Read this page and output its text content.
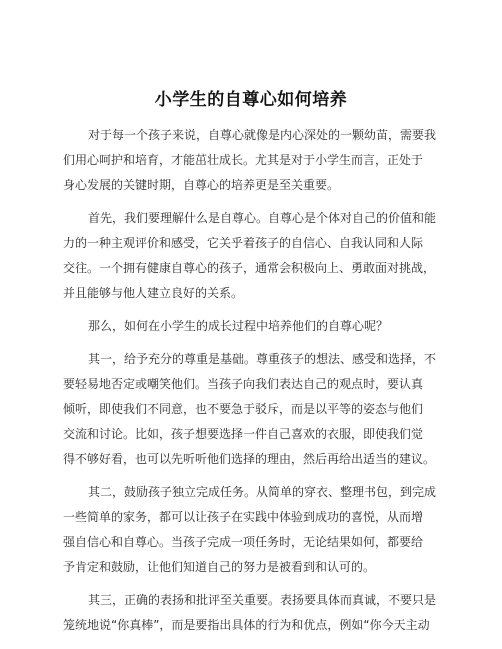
小学生的自尊心如何培养
对于每一个孩子来说，自尊心就像是内心深处的一颗幼苗，需要我
们用心呵护和培育，才能茁壮成长。尤其是对于小学生而言，正处于
身心发展的关键时期，自尊心的培养更是至关重要。
首先，我们要理解什么是自尊心。自尊心是个体对自己的价值和能
力的一种主观评价和感受，它关乎着孩子的自信心、自我认同和人际
交往。一个拥有健康自尊心的孩子，通常会积极向上、勇敢面对挑战，
并且能够与他人建立良好的关系。
那么，如何在小学生的成长过程中培养他们的自尊心呢？
其一，给予充分的尊重是基础。尊重孩子的想法、感受和选择，不
要轻易地否定或嘲笑他们。当孩子向我们表达自己的观点时，要认真
倾听，即使我们不同意，也不要急于驳斥，而是以平等的姿态与他们
交流和讨论。比如，孩子想要选择一件自己喜欢的衣服，即使我们觉
得不够好看，也可以先听听他们选择的理由，然后再给出适当的建议。
其二，鼓励孩子独立完成任务。从简单的穿衣、整理书包，到完成
一些简单的家务，都可以让孩子在实践中体验到成功的喜悦，从而增
强自信心和自尊心。当孩子完成一项任务时，无论结果如何，都要给
予肯定和鼓励，让他们知道自己的努力是被看到和认可的。
其三，正确的表扬和批评至关重要。表扬要具体而真诚，不要只是
笼统地说“你真棒”，而是要指出具体的行为和优点，例如“你今天主动
